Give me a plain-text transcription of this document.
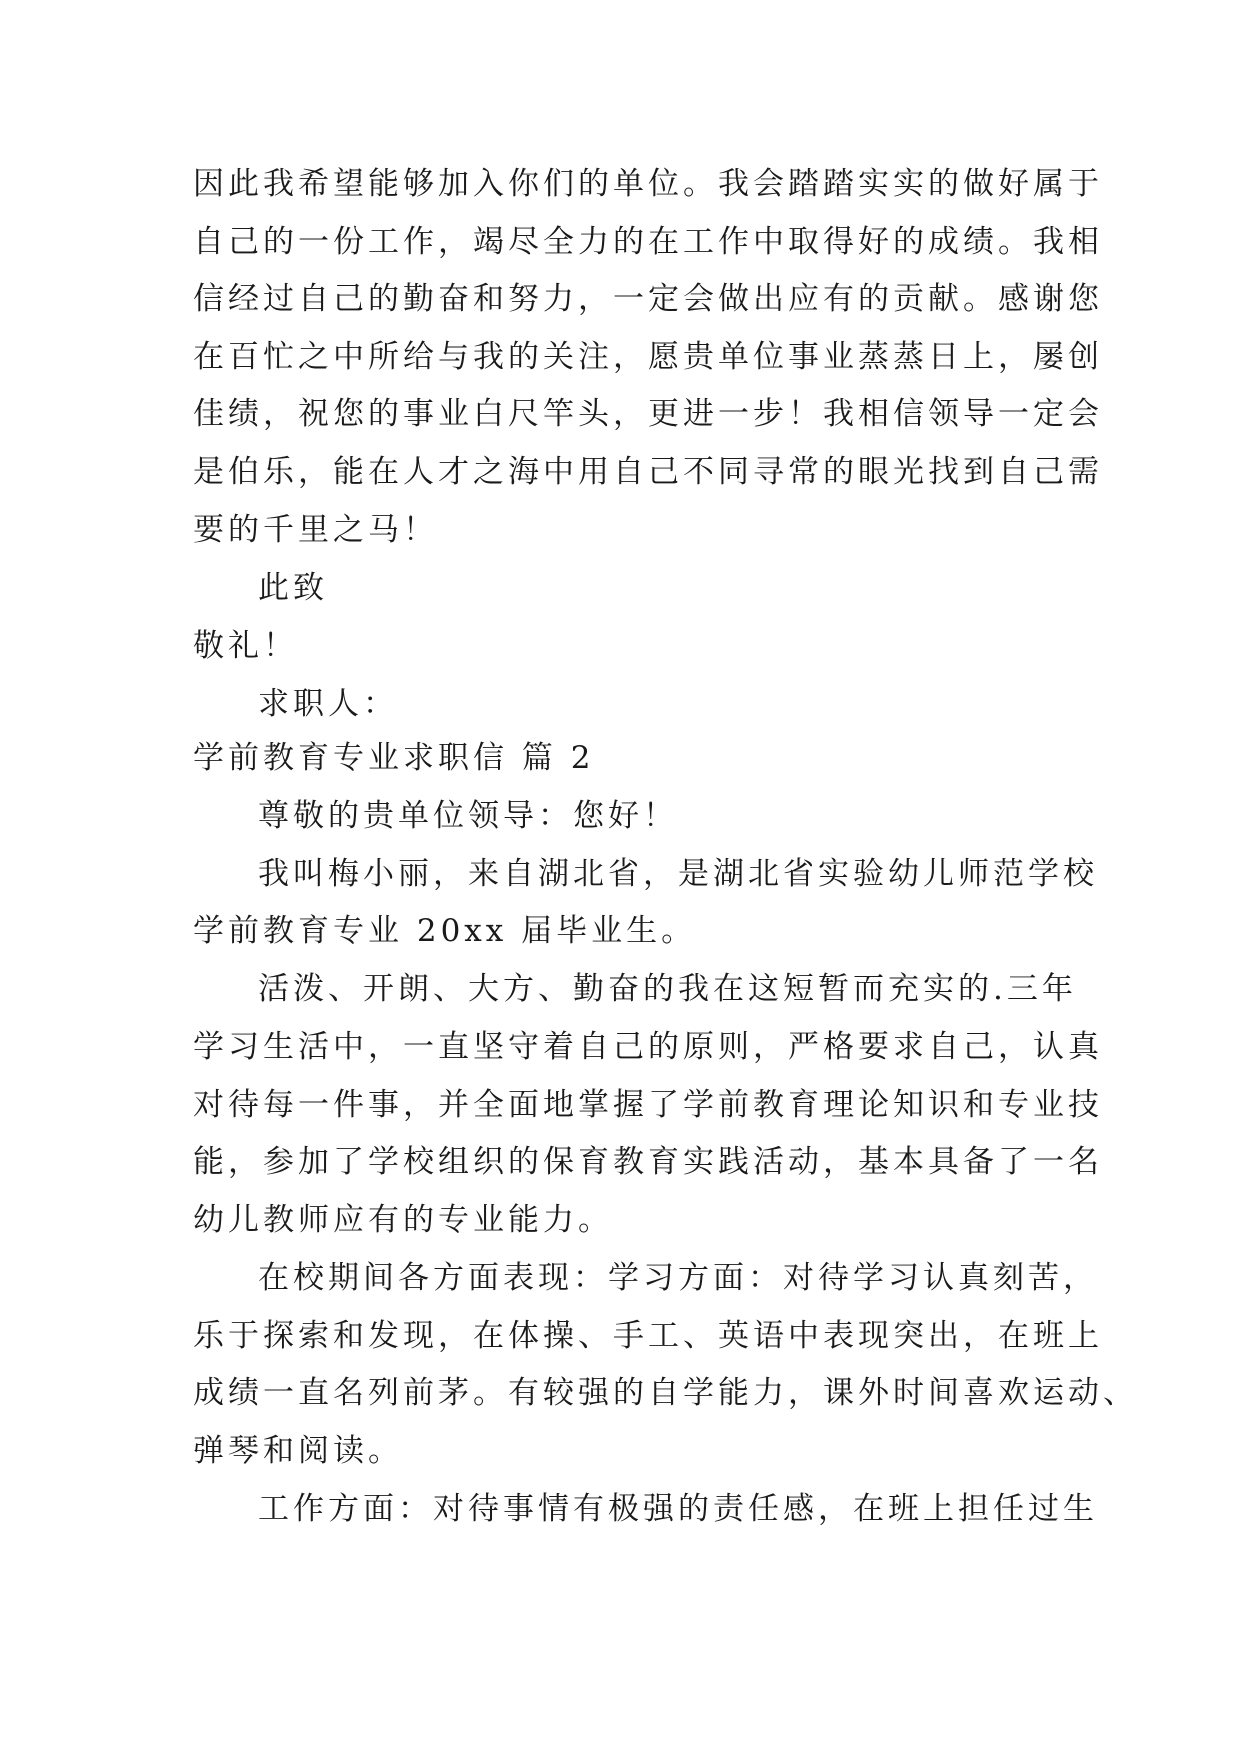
因此我希望能够加入你们的单位。我会踏踏实实的做好属于
自己的一份工作，竭尽全力的在工作中取得好的成绩。我相
信经过自己的勤奋和努力，一定会做出应有的贡献。感谢您
在百忙之中所给与我的关注，愿贵单位事业蒸蒸日上，屡创
佳绩，祝您的事业白尺竿头，更进一步！我相信领导一定会
是伯乐，能在人才之海中用自己不同寻常的眼光找到自己需
要的千里之马！
此致
敬礼！
求职人：
学前教育专业求职信 篇 2
尊敬的贵单位领导：您好！
我叫梅小丽，来自湖北省，是湖北省实验幼儿师范学校
学前教育专业 20xx 届毕业生。
活泼、开朗、大方、勤奋的我在这短暂而充实的.三年
学习生活中，一直坚守着自己的原则，严格要求自己，认真
对待每一件事，并全面地掌握了学前教育理论知识和专业技
能，参加了学校组织的保育教育实践活动，基本具备了一名
幼儿教师应有的专业能力。
在校期间各方面表现：学习方面：对待学习认真刻苦，
乐于探索和发现，在体操、手工、英语中表现突出，在班上
成绩一直名列前茅。有较强的自学能力，课外时间喜欢运动、
弹琴和阅读。
工作方面：对待事情有极强的责任感，在班上担任过生
